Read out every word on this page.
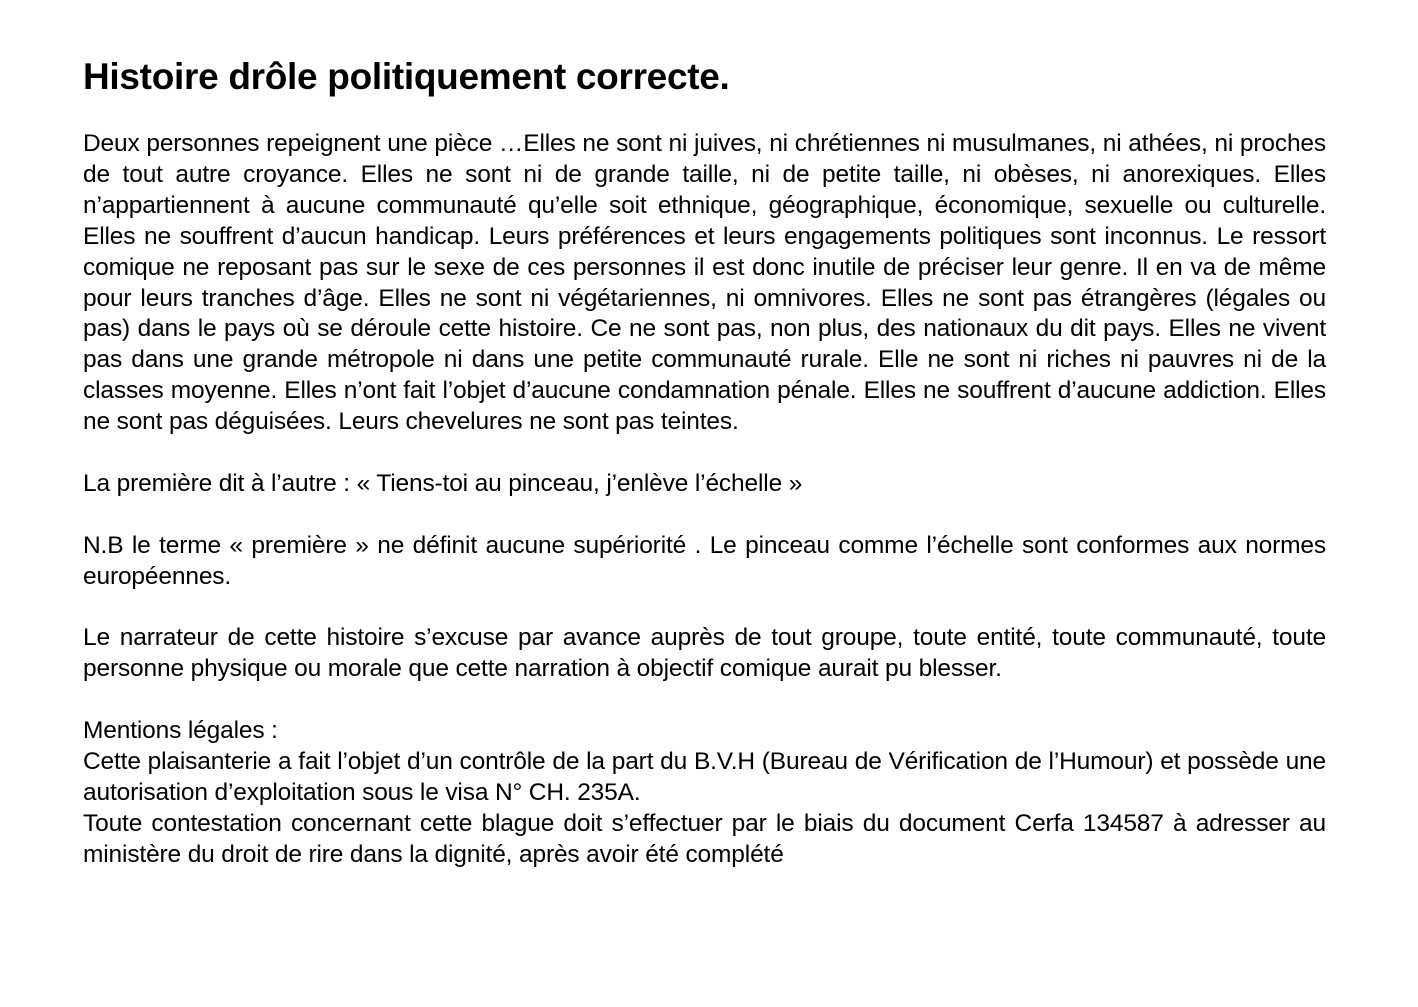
Histoire drôle politiquement correcte.

Deux personnes repeignent une pièce …Elles ne sont ni juives, ni chrétiennes ni musulmanes, ni athées, ni proches de tout autre croyance. Elles ne sont ni de grande taille, ni de petite taille, ni obèses, ni anorexiques. Elles n’appartiennent à aucune communauté qu’elle soit ethnique, géographique, économique, sexuelle ou culturelle. Elles ne souffrent d’aucun handicap. Leurs préférences et leurs engagements politiques sont inconnus. Le ressort comique ne reposant pas sur le sexe de ces personnes il est donc inutile de préciser leur genre. Il en va de même pour leurs tranches d’âge. Elles ne sont ni végétariennes, ni omnivores. Elles ne sont pas étrangères (légales ou pas) dans le pays où se déroule cette histoire. Ce ne sont pas, non plus, des nationaux du dit pays. Elles ne vivent pas dans une grande métropole ni dans une petite communauté rurale. Elle ne sont ni riches ni pauvres ni de la classes moyenne. Elles n’ont fait l’objet d’aucune condamnation pénale. Elles ne souffrent d’aucune addiction. Elles ne sont pas déguisées. Leurs chevelures ne sont pas teintes.

La première dit à l’autre : « Tiens-toi au pinceau, j’enlève l’échelle »

N.B le terme « première » ne définit aucune supériorité . Le pinceau comme l’échelle sont conformes aux normes européennes.

Le narrateur de cette histoire s’excuse par avance auprès de tout groupe, toute entité, toute communauté, toute personne physique ou morale que cette narration à objectif comique aurait pu blesser.

Mentions légales :

Cette plaisanterie a fait l’objet d’un contrôle de la part du B.V.H (Bureau de Vérification de l’Humour) et possède une autorisation d’exploitation sous le visa N° CH. 235A.

Toute contestation concernant cette blague doit s’effectuer par le biais du document Cerfa 134587 à adresser au ministère du droit de rire dans la dignité, après avoir été complété
